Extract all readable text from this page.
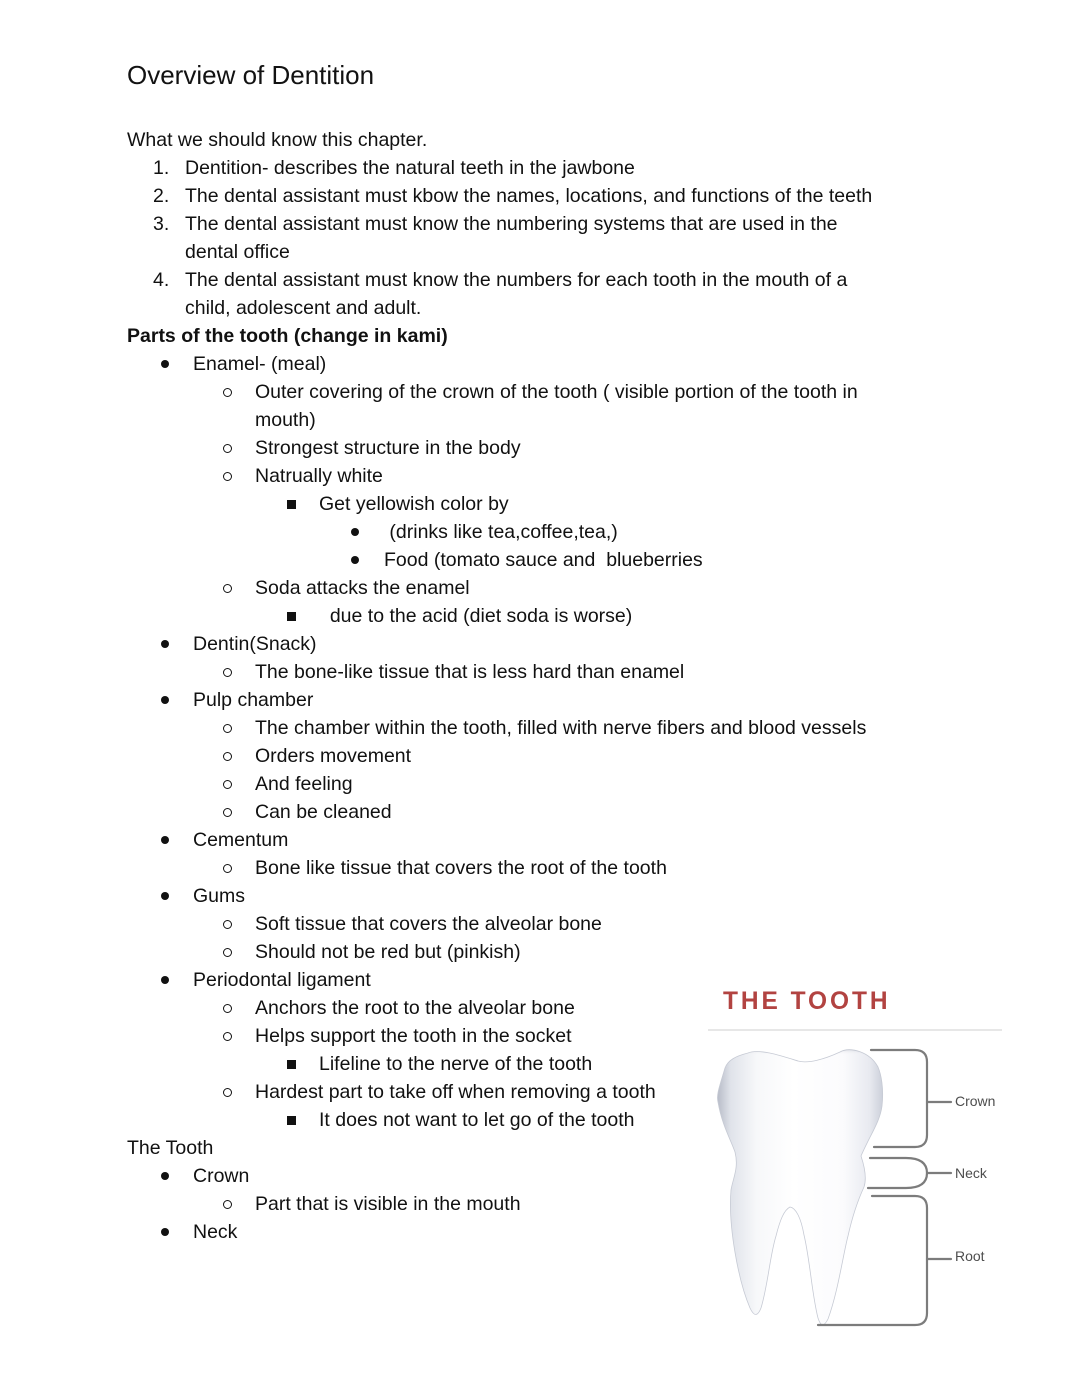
Overview of Dentition
What we should know this chapter.
1. Dentition- describes the natural teeth in the jawbone
2. The dental assistant must kbow the names, locations, and functions of the teeth
3. The dental assistant must know the numbering systems that are used in the
dental office
4. The dental assistant must know the numbers for each tooth in the mouth of a
child, adolescent and adult.
Parts of the tooth (change in kami)
Enamel- (meal)
Outer covering of the crown of the tooth ( visible portion of the tooth in
mouth)
Strongest structure in the body
Natrually white
Get yellowish color by
(drinks like tea,coffee,tea,)
Food (tomato sauce and  blueberries
Soda attacks the enamel
due to the acid (diet soda is worse)
Dentin(Snack)
The bone-like tissue that is less hard than enamel
Pulp chamber
The chamber within the tooth, filled with nerve fibers and blood vessels
Orders movement
And feeling
Can be cleaned
Cementum
Bone like tissue that covers the root of the tooth
Gums
Soft tissue that covers the alveolar bone
Should not be red but (pinkish)
Periodontal ligament
Anchors the root to the alveolar bone
Helps support the tooth in the socket
Lifeline to the nerve of the tooth
Hardest part to take off when removing a tooth
It does not want to let go of the tooth
The Tooth
Crown
Part that is visible in the mouth
Neck
THE TOOTH
Crown
Neck
Root
